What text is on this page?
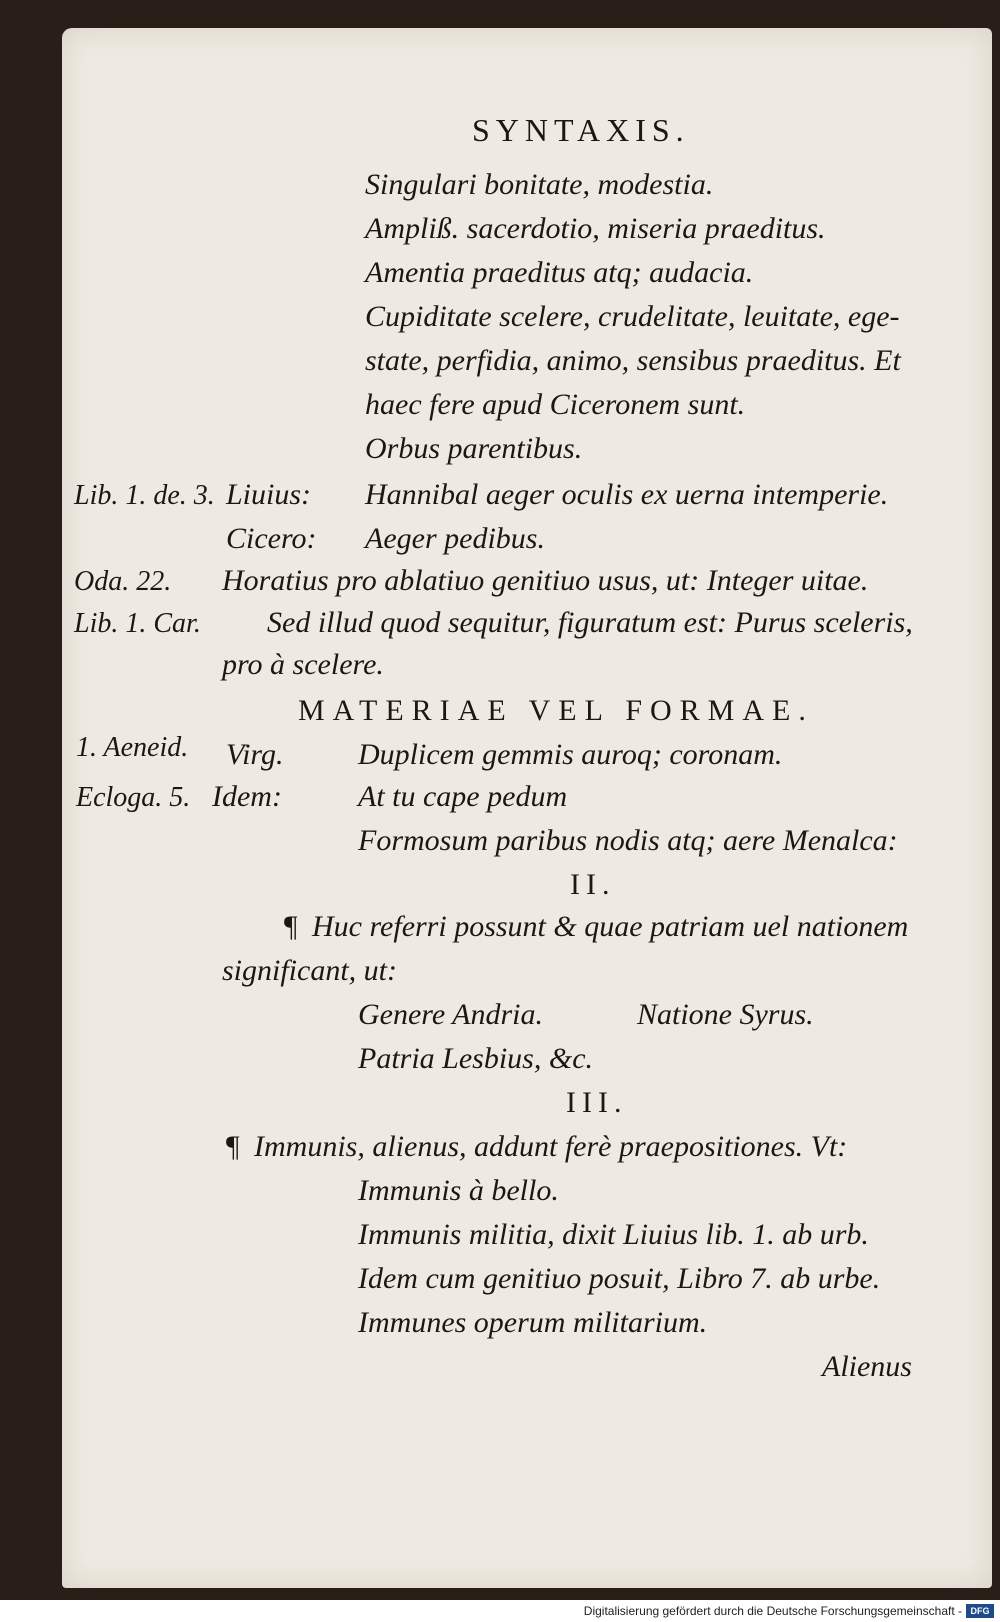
SYNTAXIS.
Singulari bonitate, modestia.
Ampliß. sacerdotio, miseria praeditus.
Amentia praeditus atq; audacia.
Cupiditate scelere, crudelitate, leuitate, ege-
state, perfidia, animo, sensibus praeditus. Et
haec fere apud Ciceronem sunt.
Orbus parentibus.
Lib. 1. de. 3. Liuius: Hannibal aeger oculis ex uerna intemperie.
Cicero: Aeger pedibus.
Oda. 22. Horatius pro ablatiuo genitiuo usus, ut: Integer uitae.
Lib. 1. Car. Sed illud quod sequitur, figuratum est: Purus sceleris,
pro à scelere.
MATERIAE VEL FORMAE.
1. Aeneid. Virg. Duplicem gemmis auroq; coronam.
Ecloga. 5. Idem:	At tu cape pedum
Formosum paribus nodis atq; aere Menalca:
II.
¶ Huc referri possunt & quae patriam uel nationem
significant, ut:
Genere Andria.	Natione Syrus.
Patria Lesbius, &c.
III.
¶ Immunis, alienus, addunt ferè praepositiones. Vt:
Immunis à bello.
Immunis militia, dixit Liuius lib. 1. ab urb.
Idem cum genitiuo posuit, Libro 7. ab urbe.
Immunes operum militarium.
Alienus
Digitalisierung gefördert durch die Deutsche Forschungsgemeinschaft - DFG
